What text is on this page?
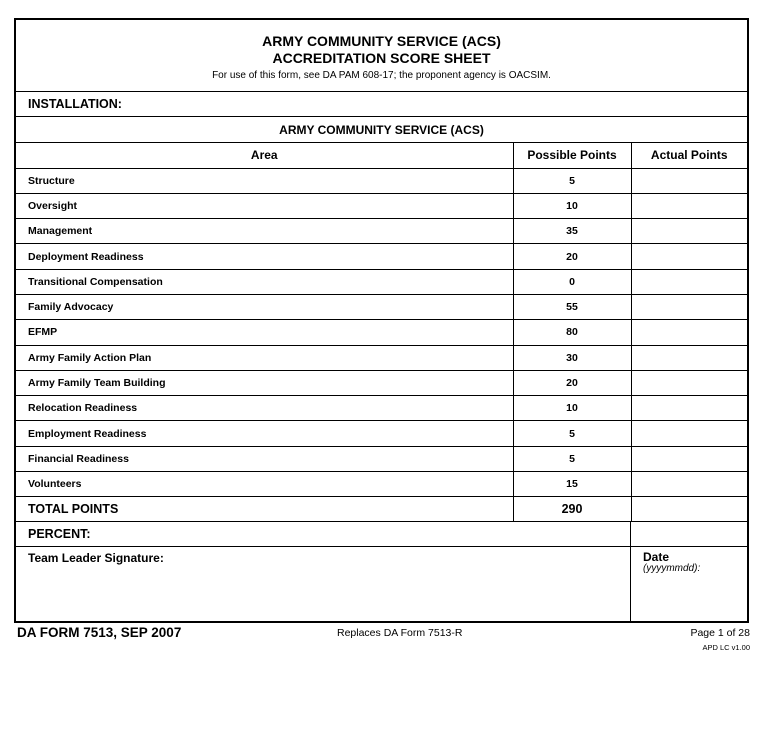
ARMY COMMUNITY SERVICE (ACS)
ACCREDITATION SCORE SHEET
For use of this form, see DA PAM 608-17; the proponent agency is OACSIM.
INSTALLATION:
ARMY COMMUNITY SERVICE (ACS)
Area	Possible Points	Actual Points
Structure	5	
Oversight	10	
Management	35	
Deployment Readiness	20	
Transitional Compensation	0	
Family Advocacy	55	
EFMP	80	
Army Family Action Plan	30	
Army Family Team Building	20	
Relocation Readiness	10	
Employment Readiness	5	
Financial Readiness	5	
Volunteers	15	
TOTAL POINTS	290	
PERCENT:
Team Leader Signature:	Date
(yyyymmdd):
DA FORM 7513, SEP 2007	Replaces DA Form 7513-R	Page 1 of 28
APD LC v1.00
